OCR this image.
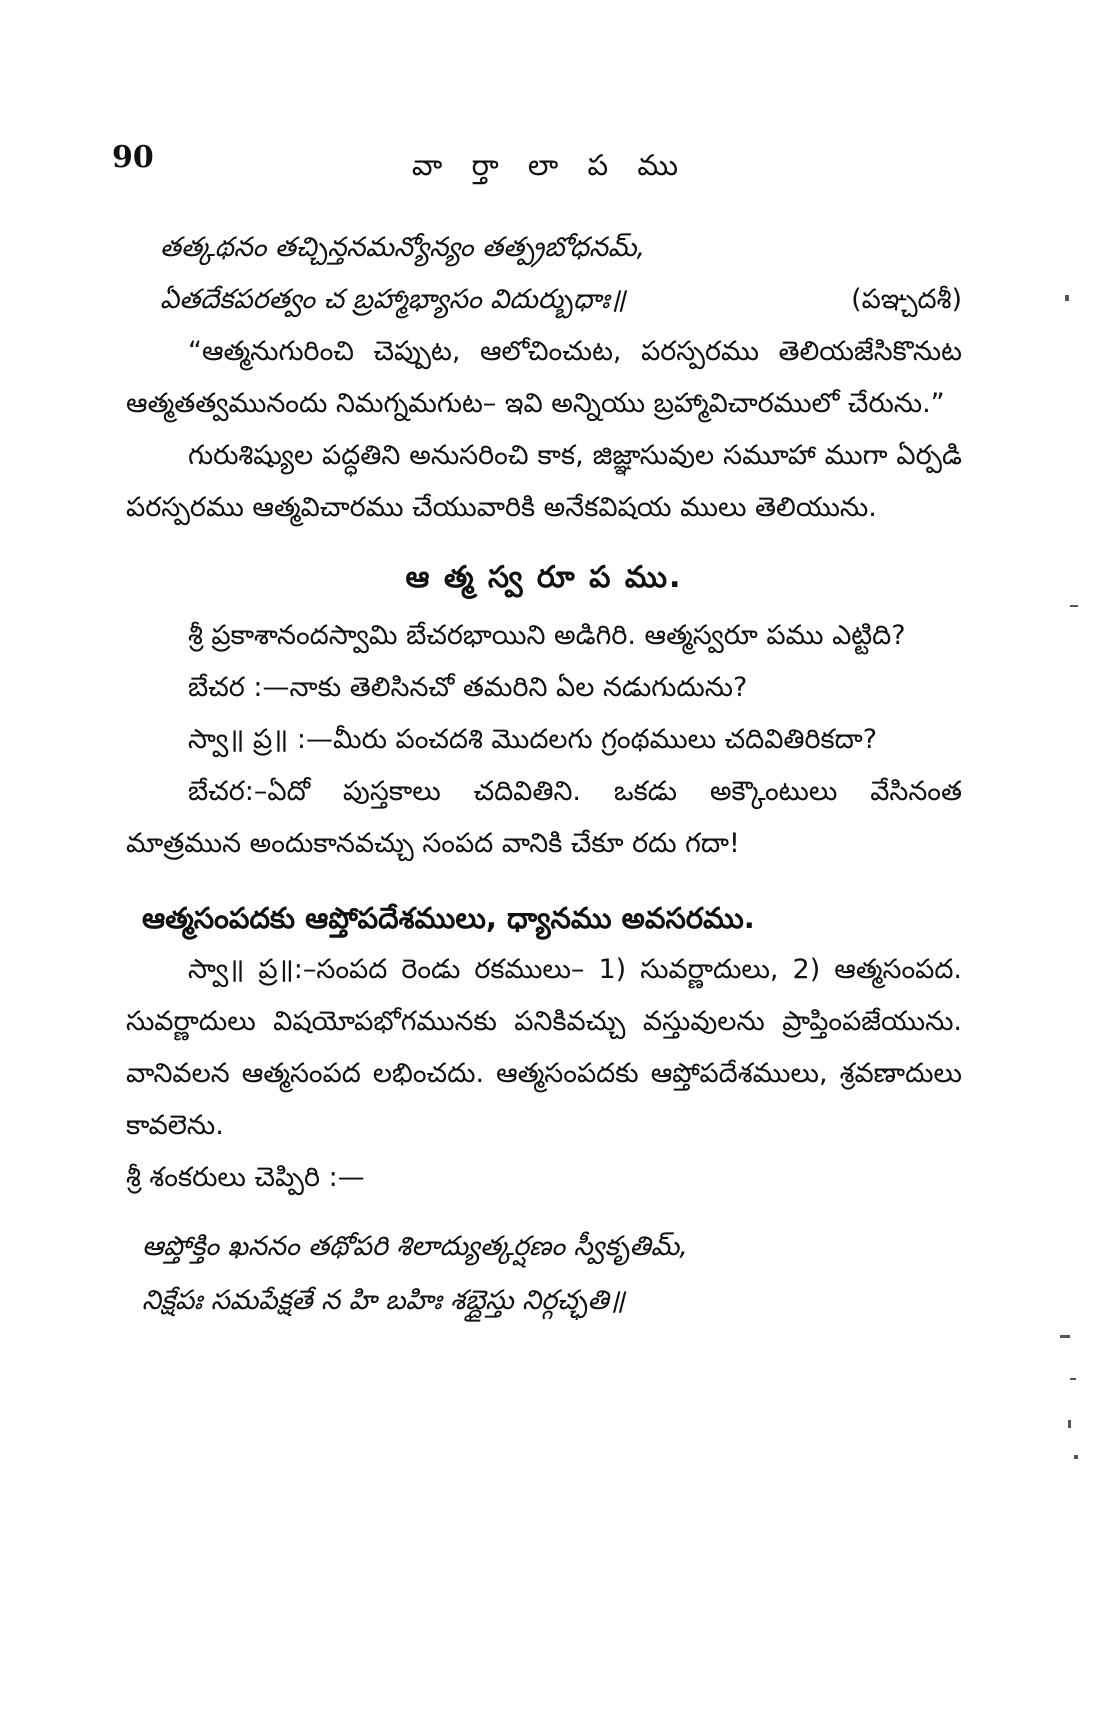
90	వా ర్తా లా ప ము
తత్కథనం తచ్చిన్తనమన్యోన్యం తత్ప్రబోధనమ్,
ఏతదేకపరత్వం చ బ్రహ్మాభ్యాసం విదుర్బుధాః॥	(పఞ్చదశీ)

“ఆత్మనుగురించి చెప్పుట, ఆలోచించుట, పరస్పరము తెలియజేసికొనుట ఆత్మతత్వమునందు నిమగ్నమగుట– ఇవి అన్నియు బ్రహ్మావిచారములో చేరును.”

గురుశిష్యుల పద్ధతిని అనుసరించి కాక, జిజ్ఞాసువుల సమూహా ముగా ఏర్పడి పరస్పరము ఆత్మవిచారము చేయువారికి అనేకవిషయ ములు తెలియును.

ఆ త్మ స్వ రూ ప ము.

శ్రీ ప్రకాశానందస్వామి బేచరభాయిని అడిగిరి. ఆత్మస్వరూ పము ఎట్టిది?

బేచర :—నాకు తెలిసినచో తమరిని ఏల నడుగుదును?

స్వా॥ ప్ర॥ :—మీరు పంచదశి మొదలగు గ్రంథములు చదివితిరికదా?

బేచర:–ఏదో పుస్తకాలు చదివితిని. ఒకడు అక్కౌంటులు వేసినంత మాత్రమున అందుకానవచ్చు సంపద వానికి చేకూ రదు గదా!

ఆత్మసంపదకు ఆప్తోపదేశములు, ధ్యానము అవసరము.

స్వా॥ ప్ర॥:–సంపద రెండు రకములు– 1) సువర్ణాదులు, 2) ఆత్మసంపద. సువర్ణాదులు విషయోపభోగమునకు పనికివచ్చు వస్తువులను ప్రాప్తింపజేయును. వానివలన ఆత్మసంపద లభించదు. ఆత్మసంపదకు ఆప్తోపదేశములు, శ్రవణాదులు కావలెను.

శ్రీ శంకరులు చెప్పిరి :—

ఆప్తోక్తిం ఖననం తథోపరి శిలాద్యుత్కర్షణం స్వీకృతిమ్,
నిక్షేపః సమపేక్షతే న హి బహిః శబ్దైస్తు నిర్గచ్ఛతి॥
